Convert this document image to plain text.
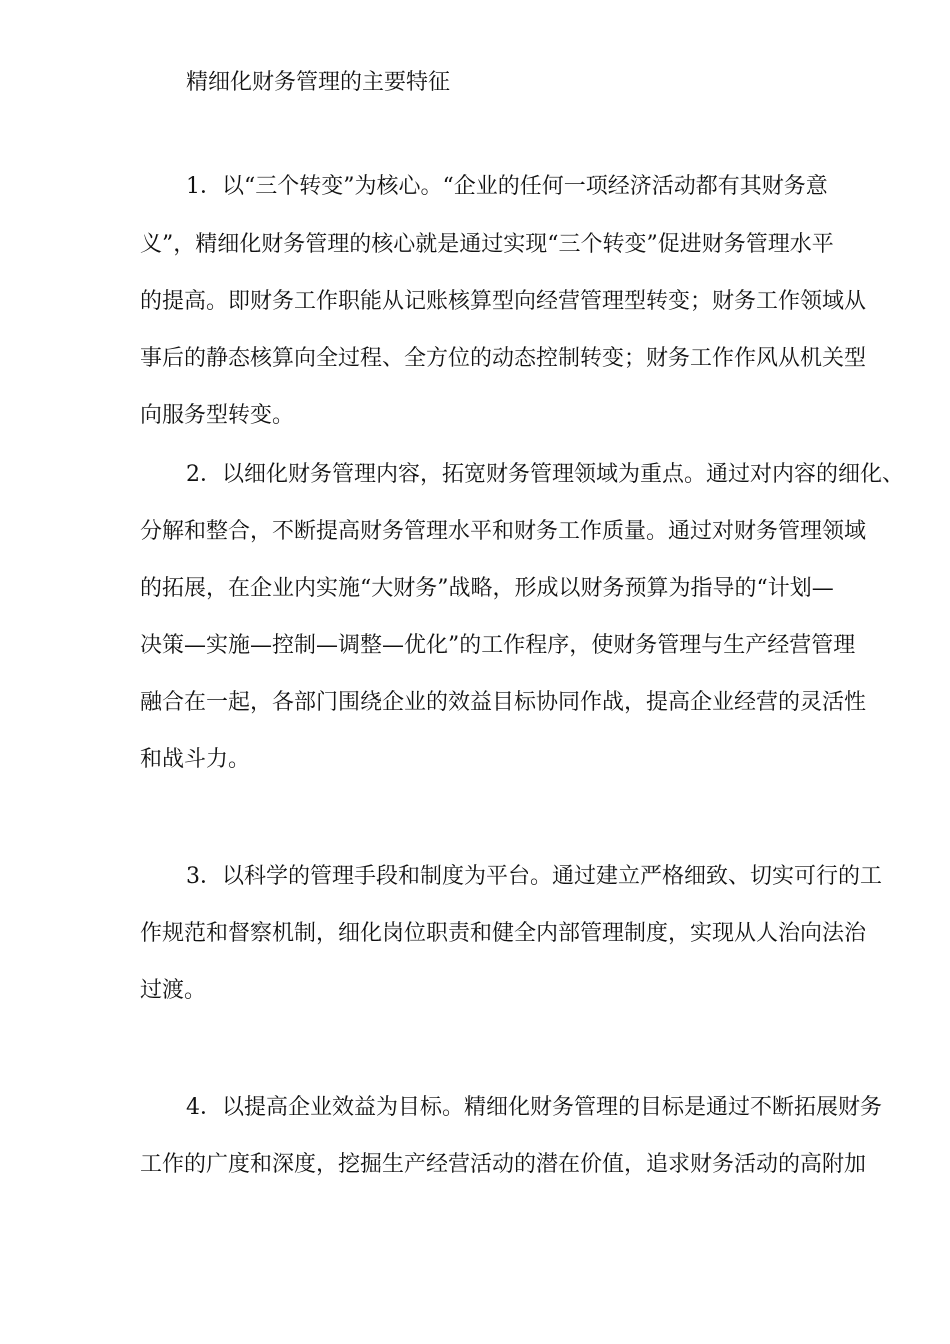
精细化财务管理的主要特征
1．以“三个转变”为核心。“企业的任何一项经济活动都有其财务意
义”，精细化财务管理的核心就是通过实现“三个转变”促进财务管理水平
的提高。即财务工作职能从记账核算型向经营管理型转变；财务工作领域从
事后的静态核算向全过程、全方位的动态控制转变；财务工作作风从机关型
向服务型转变。
2．以细化财务管理内容，拓宽财务管理领域为重点。通过对内容的细化、
分解和整合，不断提高财务管理水平和财务工作质量。通过对财务管理领域
的拓展，在企业内实施“大财务”战略，形成以财务预算为指导的“计划—
决策—实施—控制—调整—优化”的工作程序，使财务管理与生产经营管理
融合在一起，各部门围绕企业的效益目标协同作战，提高企业经营的灵活性
和战斗力。
3．以科学的管理手段和制度为平台。通过建立严格细致、切实可行的工
作规范和督察机制，细化岗位职责和健全内部管理制度，实现从人治向法治
过渡。
4．以提高企业效益为目标。精细化财务管理的目标是通过不断拓展财务
工作的广度和深度，挖掘生产经营活动的潜在价值，追求财务活动的高附加
